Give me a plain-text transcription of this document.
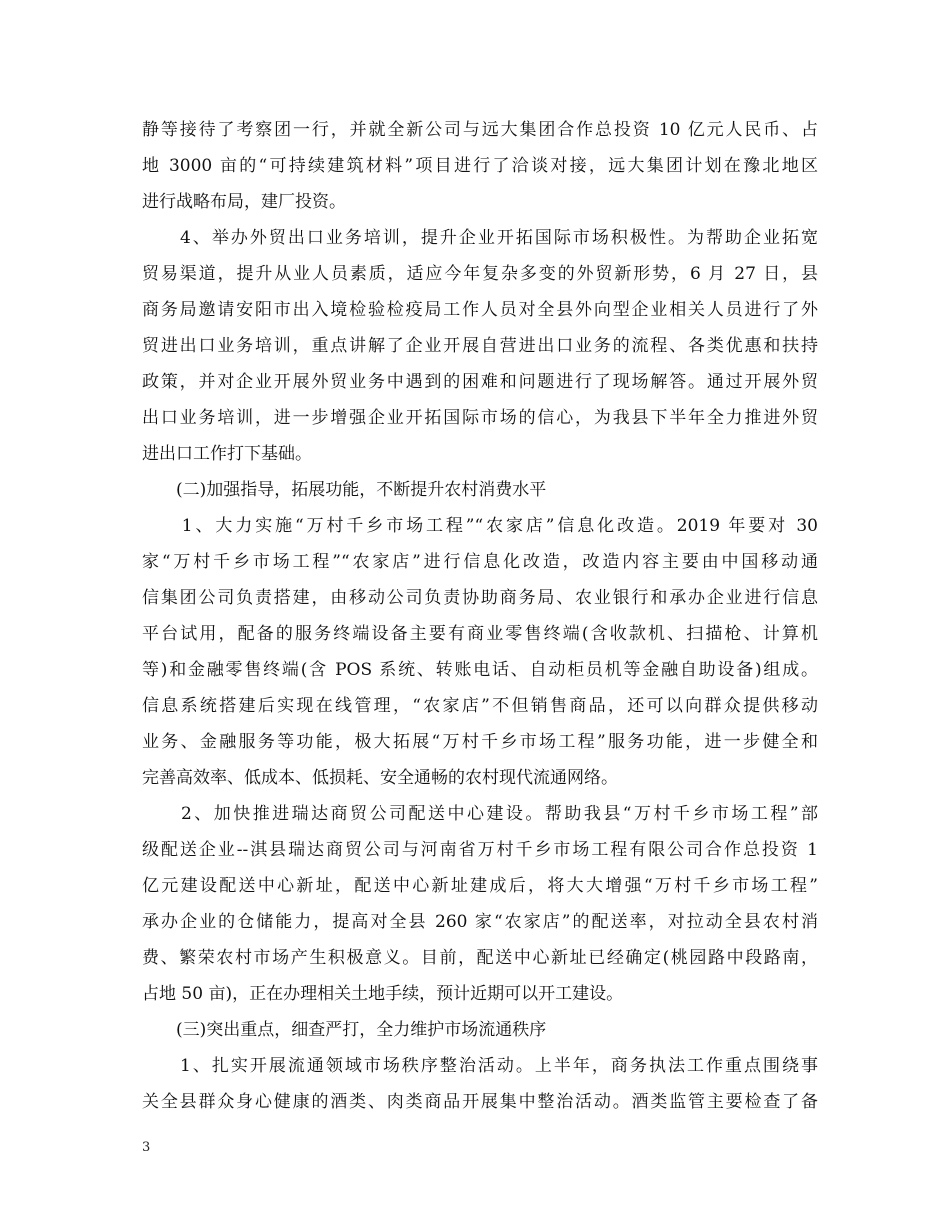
静等接待了考察团一行，并就全新公司与远大集团合作总投资 10 亿元人民币、占
地 3000 亩的“可持续建筑材料”项目进行了洽谈对接，远大集团计划在豫北地区
进行战略布局，建厂投资。
　　4、举办外贸出口业务培训，提升企业开拓国际市场积极性。为帮助企业拓宽
贸易渠道，提升从业人员素质，适应今年复杂多变的外贸新形势，6 月 27 日，县
商务局邀请安阳市出入境检验检疫局工作人员对全县外向型企业相关人员进行了外
贸进出口业务培训，重点讲解了企业开展自营进出口业务的流程、各类优惠和扶持
政策，并对企业开展外贸业务中遇到的困难和问题进行了现场解答。通过开展外贸
出口业务培训，进一步增强企业开拓国际市场的信心，为我县下半年全力推进外贸
进出口工作打下基础。
　　(二)加强指导，拓展功能，不断提升农村消费水平
　　1、大力实施“万村千乡市场工程”“农家店”信息化改造。2019 年要对 30
家“万村千乡市场工程”“农家店”进行信息化改造，改造内容主要由中国移动通
信集团公司负责搭建，由移动公司负责协助商务局、农业银行和承办企业进行信息
平台试用，配备的服务终端设备主要有商业零售终端(含收款机、扫描枪、计算机
等)和金融零售终端(含 POS 系统、转账电话、自动柜员机等金融自助设备)组成。
信息系统搭建后实现在线管理，“农家店”不但销售商品，还可以向群众提供移动
业务、金融服务等功能，极大拓展“万村千乡市场工程”服务功能，进一步健全和
完善高效率、低成本、低损耗、安全通畅的农村现代流通网络。
　　2、加快推进瑞达商贸公司配送中心建设。帮助我县“万村千乡市场工程”部
级配送企业--淇县瑞达商贸公司与河南省万村千乡市场工程有限公司合作总投资 1
亿元建设配送中心新址，配送中心新址建成后，将大大增强“万村千乡市场工程”
承办企业的仓储能力，提高对全县 260 家“农家店”的配送率，对拉动全县农村消
费、繁荣农村市场产生积极意义。目前，配送中心新址已经确定(桃园路中段路南，
占地 50 亩)，正在办理相关土地手续，预计近期可以开工建设。
　　(三)突出重点，细查严打，全力维护市场流通秩序
　　1、扎实开展流通领域市场秩序整治活动。上半年，商务执法工作重点围绕事
关全县群众身心健康的酒类、肉类商品开展集中整治活动。酒类监管主要检查了备
3
